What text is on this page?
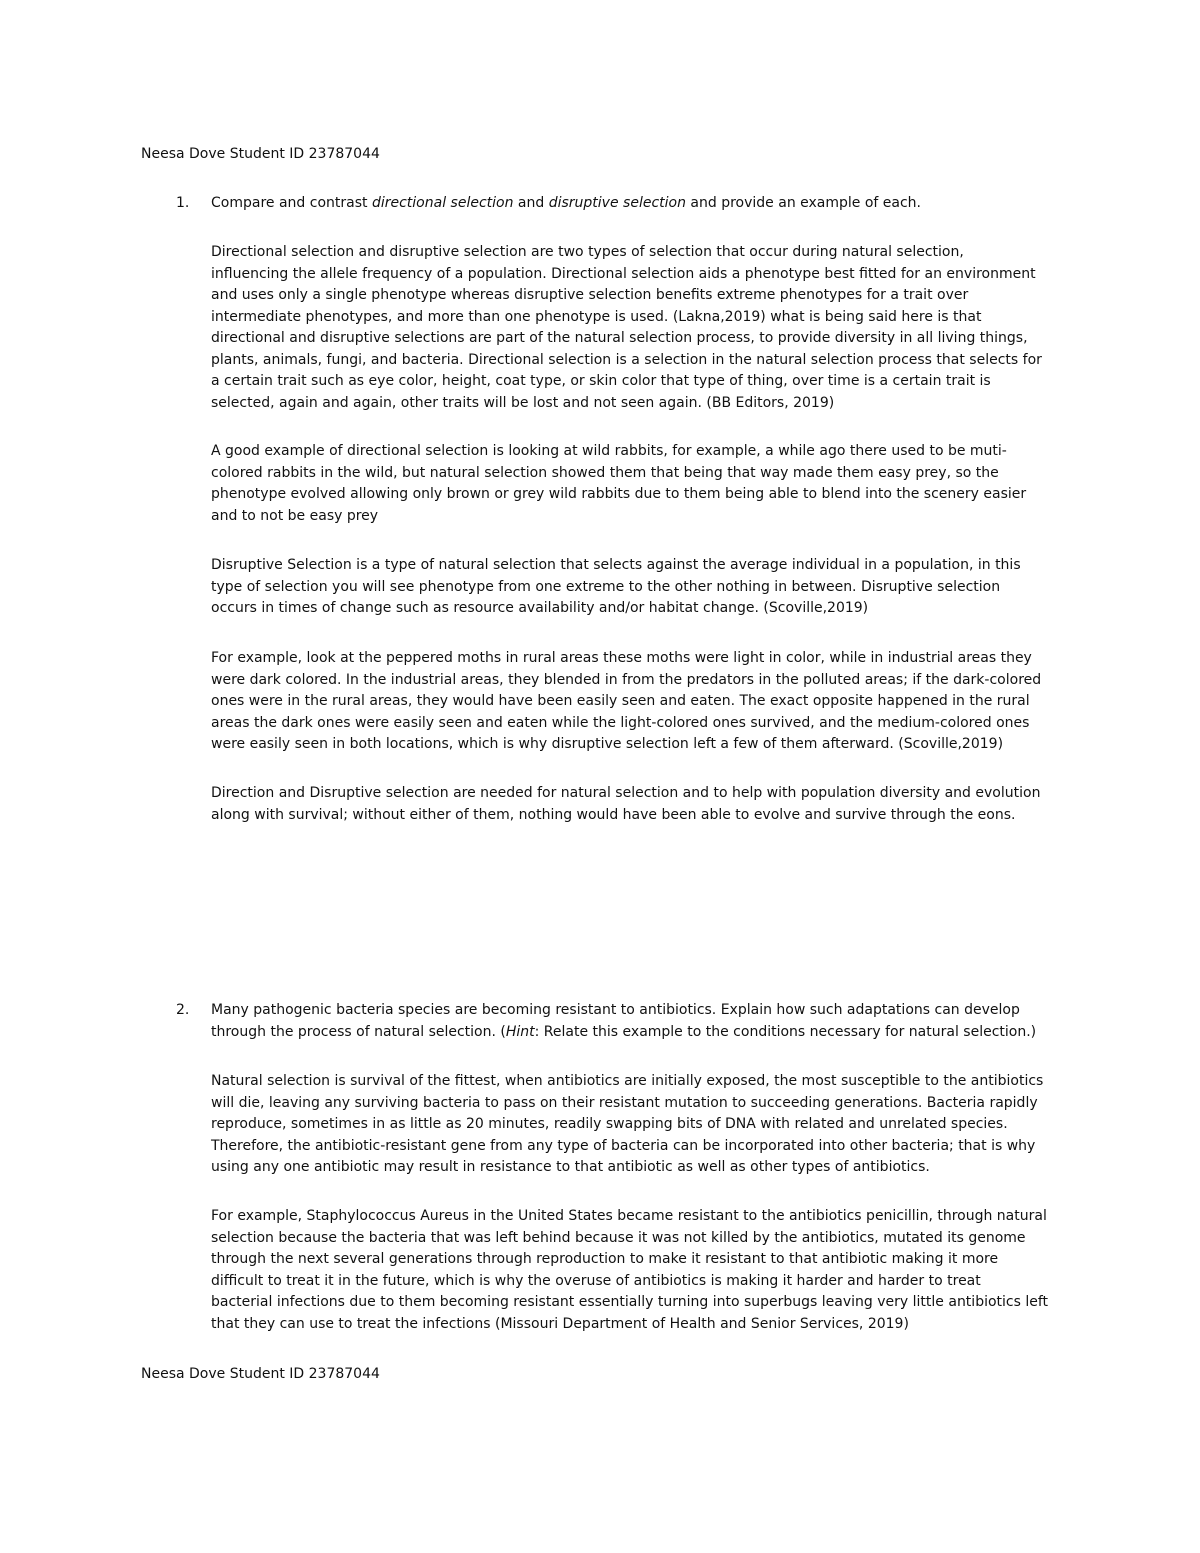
Neesa Dove Student ID 23787044
1. Compare and contrast directional selection and disruptive selection and provide an example of each.
Directional selection and disruptive selection are two types of selection that occur during natural selection,
influencing the allele frequency of a population. Directional selection aids a phenotype best fitted for an environment
and uses only a single phenotype whereas disruptive selection benefits extreme phenotypes for a trait over
intermediate phenotypes, and more than one phenotype is used. (Lakna,2019) what is being said here is that
directional and disruptive selections are part of the natural selection process, to provide diversity in all living things,
plants, animals, fungi, and bacteria. Directional selection is a selection in the natural selection process that selects for
a certain trait such as eye color, height, coat type, or skin color that type of thing, over time is a certain trait is
selected, again and again, other traits will be lost and not seen again. (BB Editors, 2019)
A good example of directional selection is looking at wild rabbits, for example, a while ago there used to be muti-
colored rabbits in the wild, but natural selection showed them that being that way made them easy prey, so the
phenotype evolved allowing only brown or grey wild rabbits due to them being able to blend into the scenery easier
and to not be easy prey
Disruptive Selection is a type of natural selection that selects against the average individual in a population, in this
type of selection you will see phenotype from one extreme to the other nothing in between. Disruptive selection
occurs in times of change such as resource availability and/or habitat change. (Scoville,2019)
For example, look at the peppered moths in rural areas these moths were light in color, while in industrial areas they
were dark colored. In the industrial areas, they blended in from the predators in the polluted areas; if the dark-colored
ones were in the rural areas, they would have been easily seen and eaten. The exact opposite happened in the rural
areas the dark ones were easily seen and eaten while the light-colored ones survived, and the medium-colored ones
were easily seen in both locations, which is why disruptive selection left a few of them afterward. (Scoville,2019)
Direction and Disruptive selection are needed for natural selection and to help with population diversity and evolution
along with survival; without either of them, nothing would have been able to evolve and survive through the eons.
2. Many pathogenic bacteria species are becoming resistant to antibiotics. Explain how such adaptations can develop
through the process of natural selection. (Hint: Relate this example to the conditions necessary for natural selection.)
Natural selection is survival of the fittest, when antibiotics are initially exposed, the most susceptible to the antibiotics
will die, leaving any surviving bacteria to pass on their resistant mutation to succeeding generations. Bacteria rapidly
reproduce, sometimes in as little as 20 minutes, readily swapping bits of DNA with related and unrelated species.
Therefore, the antibiotic-resistant gene from any type of bacteria can be incorporated into other bacteria; that is why
using any one antibiotic may result in resistance to that antibiotic as well as other types of antibiotics.
For example, Staphylococcus Aureus in the United States became resistant to the antibiotics penicillin, through natural
selection because the bacteria that was left behind because it was not killed by the antibiotics, mutated its genome
through the next several generations through reproduction to make it resistant to that antibiotic making it more
difficult to treat it in the future, which is why the overuse of antibiotics is making it harder and harder to treat
bacterial infections due to them becoming resistant essentially turning into superbugs leaving very little antibiotics left
that they can use to treat the infections (Missouri Department of Health and Senior Services, 2019)
Neesa Dove Student ID 23787044
